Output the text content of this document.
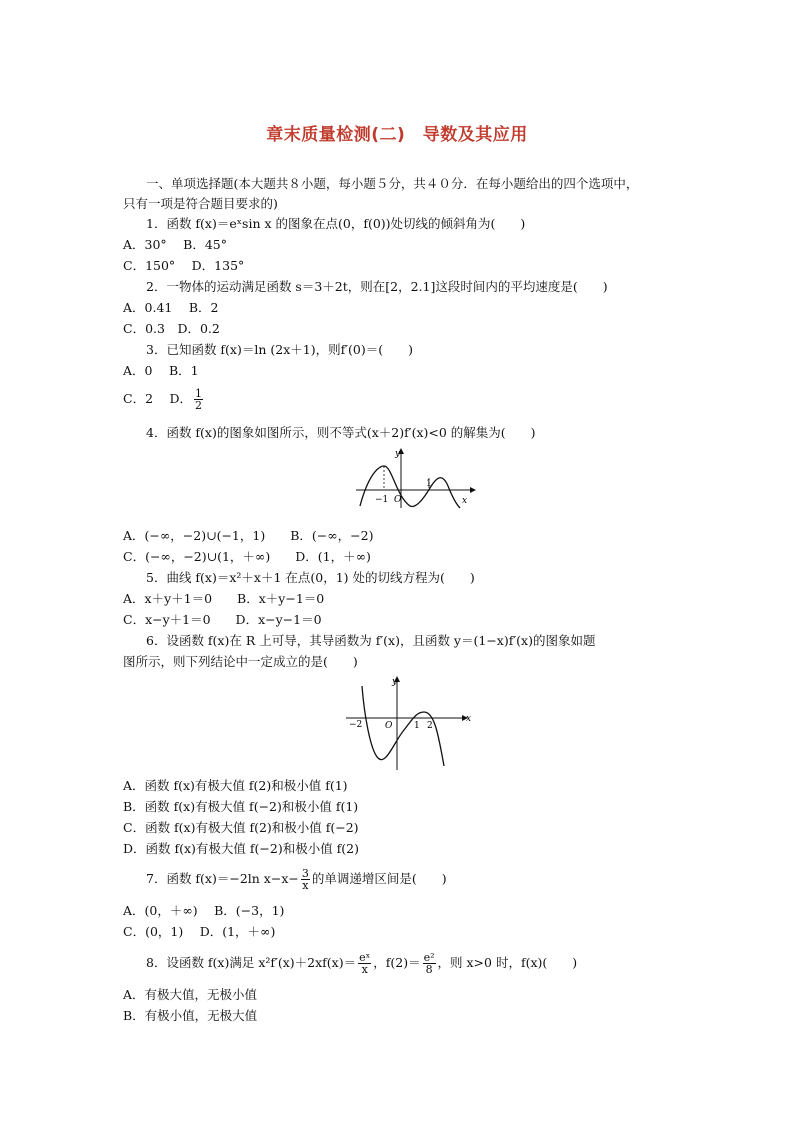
章末质量检测(二)　导数及其应用
一、单项选择题(本大题共８小题，每小题５分，共４０分．在每小题给出的四个选项中，
只有一项是符合题目要求的)
1．函数 f(x)＝eˣsin x 的图象在点(0，f(0))处切线的倾斜角为(　　)
A．30°　 B．45°
C．150°　 D．135°
2．一物体的运动满足函数 s＝3＋2t，则在[2，2.1]这段时间内的平均速度是(　　)
A．0.41　 B．2
C．0.3　D．0.2
3．已知函数 f(x)＝ln (2x＋1)，则f′(0)＝(　　)
A．0　 B．1
C．2　 D． $\frac{1}{2}$
4．函数 f(x)的图象如图所示，则不等式(x＋2)f′(x)<0 的解集为(　　)
y
x
O
−1
1
A．(−∞，−2)∪(−1，1)　　B．(−∞，−2)
C．(−∞，−2)∪(1，＋∞)　　D．(1，＋∞)
5．曲线 f(x)＝x²＋x＋1 在点(0，1) 处的切线方程为(　　)
A．x＋y＋1＝0　　B．x＋y−1＝0
C．x−y＋1＝0　　D．x−y−1＝0
6．设函数 f(x)在 R 上可导，其导函数为 f′(x)，且函数 y＝(1−x)f′(x)的图象如题
图所示，则下列结论中一定成立的是(　　)
y
x
O
−2	1 2
A．函数 f(x)有极大值 f(2)和极小值 f(1)
B．函数 f(x)有极大值 f(−2)和极小值 f(1)
C．函数 f(x)有极大值 f(2)和极小值 f(−2)
D．函数 f(x)有极大值 f(−2)和极小值 f(2)
7．函数 f(x)＝−2ln $x-x- \frac{3}{x}$ 的单调递增区间是(　　)
A．(0，＋∞)　 B．(−3，1)
C．(0，1)　 D．(1，＋∞)
8．设函数 f(x)满足 $x^2f'(x)+2xf(x)= \frac{\text{eˣ}}{x}$ ，$f(2)= \frac{\text{e²}}{8}$ ，则 x>0 时，f(x)(　　)
A．有极大值，无极小值
B．有极小值，无极大值
